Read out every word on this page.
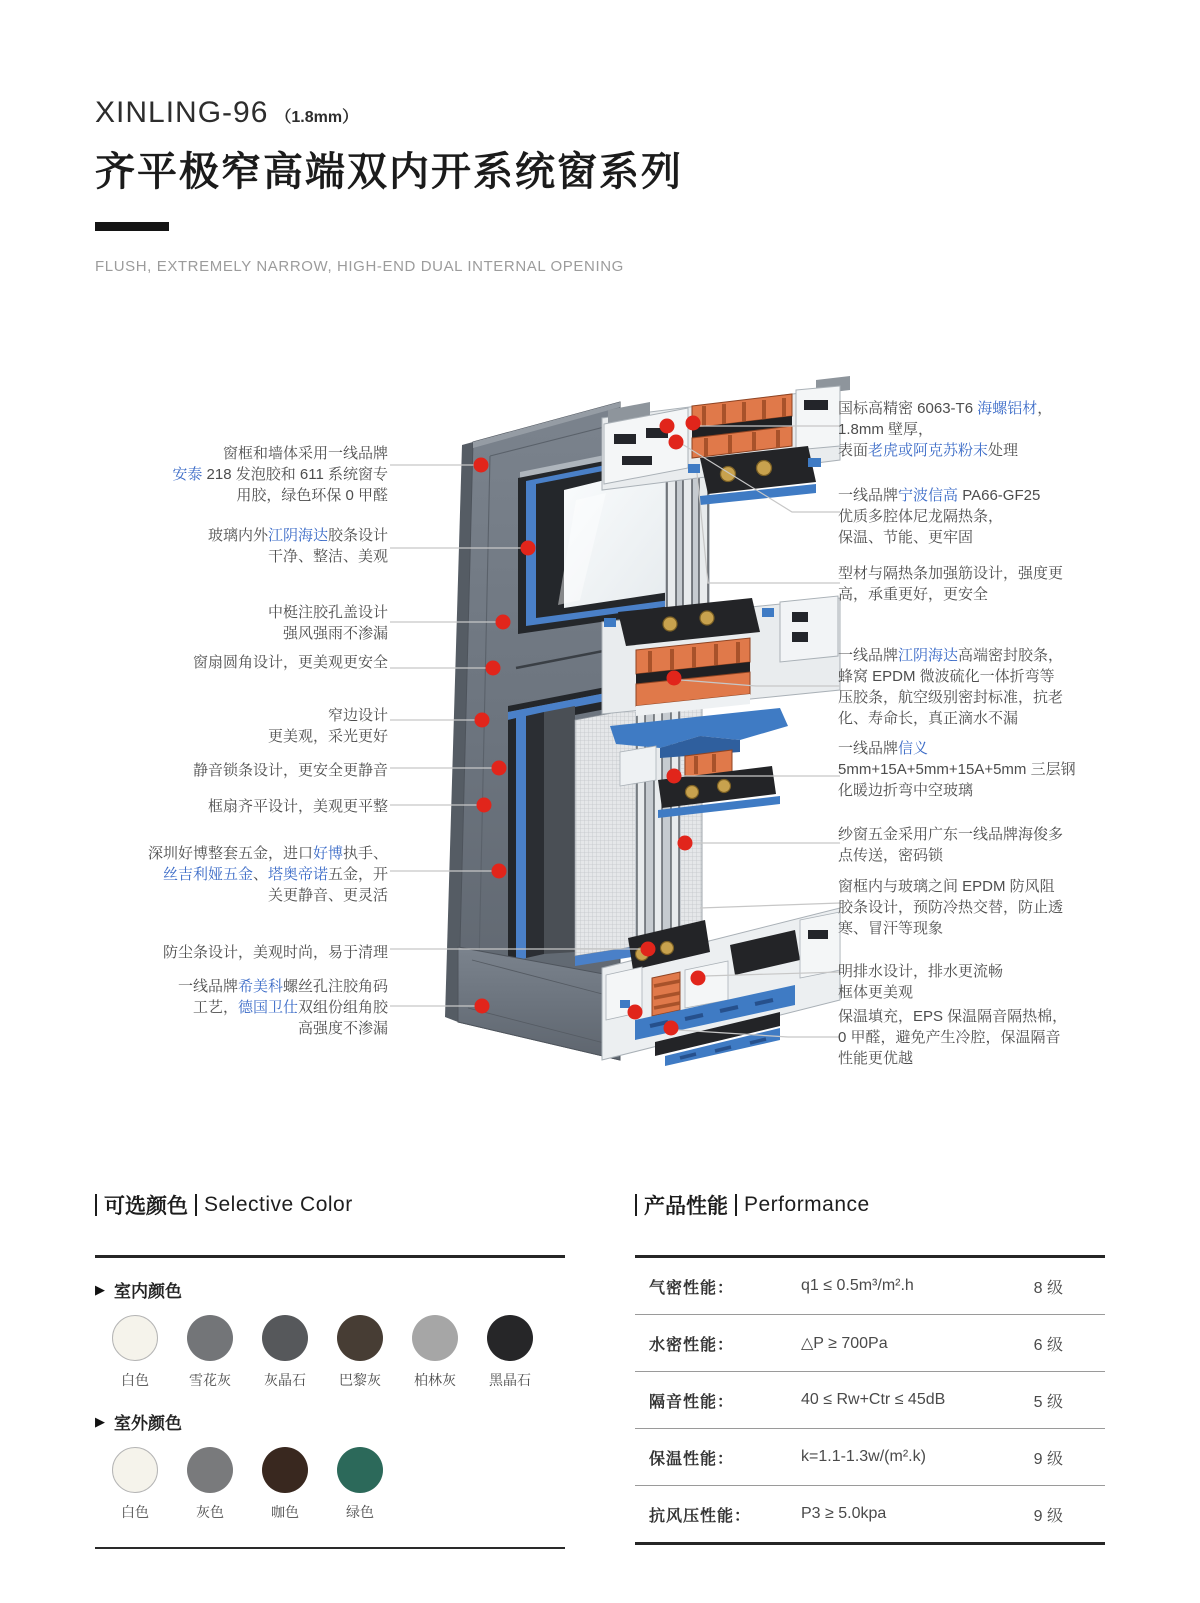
XINLING-96 （1.8mm）
齐平极窄高端双内开系统窗系列
FLUSH, EXTREMELY NARROW, HIGH-END DUAL INTERNAL OPENING
窗框和墙体采用一线品牌
安泰 218 发泡胶和 611 系统窗专
用胶，绿色环保 0 甲醛
玻璃内外江阴海达胶条设计
干净、整洁、美观
中梃注胶孔盖设计
强风强雨不渗漏
窗扇圆角设计，更美观更安全
窄边设计
更美观，采光更好
静音锁条设计，更安全更静音
框扇齐平设计，美观更平整
深圳好博整套五金，进口好博执手、
丝吉利娅五金、塔奥帝诺五金，开
关更静音、更灵活
防尘条设计，美观时尚，易于清理
一线品牌希美科螺丝孔注胶角码
工艺，德国卫仕双组份组角胶
高强度不渗漏
国标高精密 6063-T6 海螺铝材，
1.8mm 壁厚，
表面老虎或阿克苏粉末处理
一线品牌宁波信高 PA66-GF25
优质多腔体尼龙隔热条，
保温、节能、更牢固
型材与隔热条加强筋设计，强度更
高，承重更好，更安全
一线品牌江阴海达高端密封胶条，
蜂窝 EPDM 微波硫化一体折弯等
压胶条，航空级别密封标准，抗老
化、寿命长，真正滴水不漏
一线品牌信义
5mm+15A+5mm+15A+5mm 三层钢
化暖边折弯中空玻璃
纱窗五金采用广东一线品牌海俊多
点传送，密码锁
窗框内与玻璃之间 EPDM 防风阻
胶条设计，预防冷热交替，防止透
寒、冒汗等现象
明排水设计，排水更流畅
框体更美观
保温填充，EPS 保温隔音隔热棉，
0 甲醛，避免产生冷腔，保温隔音
性能更优越
可选颜色 Selective Color
▶ 室内颜色
白色	雪花灰 灰晶石 巴黎灰 柏林灰 黑晶石
▶ 室外颜色
白色	灰色	咖色	绿色
产品性能 Performance
气密性能：	q1 ≤ 0.5m³/m².h	8 级
水密性能：	△P ≥ 700Pa	6 级
隔音性能：	40 ≤ Rw+Ctr ≤ 45dB	5 级
保温性能：	k=1.1-1.3w/(m².k)	9 级
抗风压性能：	P3 ≥ 5.0kpa	9 级
